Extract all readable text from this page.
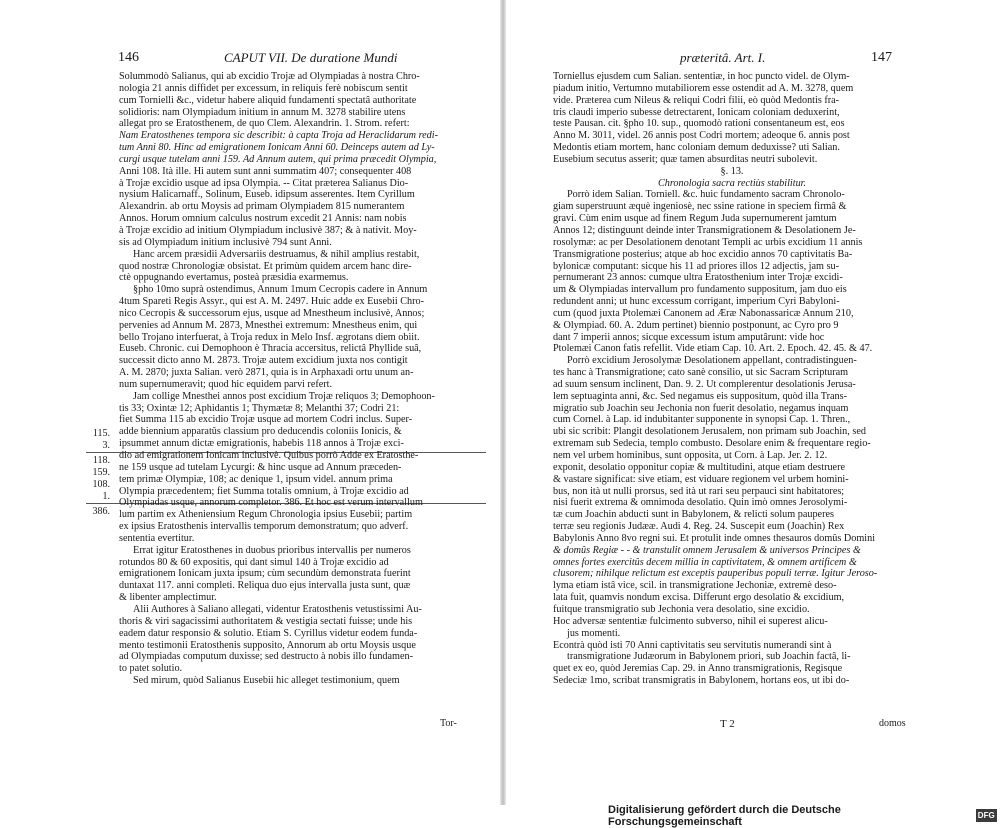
146	CAPUT VII. De duratione Mundi
115.
3.
118.
159.
108.
1.
386.
Solummodò Salianus, qui ab excidio Trojæ ad Olympiadas à nostra Chro-
nologia 21 annis diffidet per excessum, in reliquis ferè nobiscum sentit
cum Tornielli &c., videtur habere aliquid fundamenti spectatâ authoritate
solidioris: nam Olympiadum initium in annum M. 3278 stabilire utens
allegat pro se Eratosthenem, de quo Clem. Alexandrin. 1. Strom. refert:
Nam Eratosthenes tempora sic describit: à capta Troja ad Heraclidarum redi-
tum Anni 80. Hinc ad emigrationem Ionicam Anni 60. Deinceps autem ad Ly-
curgi usque tutelam anni 159. Ad Annum autem, qui prima præcedit Olympia,
Anni 108. Ità ille. Hi autem sunt anni summatim 407; consequenter 408
à Trojæ excidio usque ad ipsa Olympia. -- Citat præterea Salianus Dio-
nysium Halicarnaff., Solinum, Euseb. idipsum asserentes. Item Cyrillum
Alexandrin. ab ortu Moysis ad primam Olympiadem 815 numerantem
Annos. Horum omnium calculus nostrum excedit 21 Annis: nam nobis
à Trojæ excidio ad initium Olympiadum inclusivè 387; & à nativit. Moy-
sis ad Olympiadum initium inclusivè 794 sunt Anni.
Hanc arcem præsidii Adversariis destruamus, & nihil amplius restabit,
quod nostræ Chronologiæ obsistat. Et primùm quidem arcem hanc dire-
ctè oppugnando evertamus, posteà præsidia exarmemus.
§pho 10mo suprà ostendimus, Annum 1mum Cecropis cadere in Annum
4tum Spareti Regis Assyr., qui est A. M. 2497. Huic adde ex Eusebii Chro-
nico Cecropis & successorum ejus, usque ad Mnestheum inclusivè, Annos;
pervenies ad Annum M. 2873, Mnesthei extremum: Mnestheus enim, qui
bello Trojano interfuerat, à Troja redux in Melo Insf. ægrotans diem obiit.
Euseb. Chronic. cui Demophoon è Thracia accersitus, relictâ Phyllide suâ,
successit dicto anno M. 2873. Trojæ autem excidium juxta nos contigit
A. M. 2870; juxta Salian. verò 2871, quia is in Arphaxadi ortu unum an-
num supernumeravit; quod hic equidem parvi refert.
Jam collige Mnesthei annos post excidium Trojæ reliquos 3; Demophoon-
tis 33; Oxintæ 12; Aphidantis 1; Thymætæ 8; Melanthi 37; Codri 21:
fiet Summa 115 ab excidio Trojæ usque ad mortem Codri inclus. Super-
adde biennium apparatûs classium pro deducendis coloniis Ionicis, &
ipsummet annum dictæ emigrationis, habebis 118 annos à Trojæ exci-
dio ad emigrationem Ionicam inclusivè. Quibus porrò Adde ex Eratosthe-
ne 159 usque ad tutelam Lycurgi: & hinc usque ad Annum præceden-
tem primæ Olympiæ, 108; ac denique 1, ipsum videl. annum prima
Olympia præcedentem; fiet Summa totalis omnium, à Trojæ excidio ad
Olympiadas usque, annorum completor. 386. Et hoc est verum intervallum
lum partim ex Atheniensium Regum Chronologia ipsius Eusebii; partim
ex ipsius Eratosthenis intervallis temporum demonstratum; quo adverf.
sententia evertitur.
Errat igitur Eratosthenes in duobus prioribus intervallis per numeros
rotundos 80 & 60 expositis, qui dant simul 140 à Trojæ excidio ad
emigrationem Ionicam juxta ipsum; cùm secundùm demonstrata fuerint
duntaxat 117. anni completi. Reliqua duo ejus intervalla justa sunt, quæ
& libenter amplectimur.
Alii Authores à Saliano allegati, videntur Eratosthenis vetustissimi Au-
thoris & viri sagacissimi authoritatem & vestigia sectati fuisse; unde his
eadem datur responsio & solutio. Etiam S. Cyrillus videtur eodem funda-
mento testimonii Eratosthenis supposito, Annorum ab ortu Moysis usque
ad Olympiadas computum duxisse; sed destructo à nobis illo fundamen-
to patet solutio.
Sed mirum, quòd Salianus Eusebii hic alleget testimonium, quem
Tor-
præteritâ. Art. I.	147
Torniellus ejusdem cum Salian. sententiæ, in hoc puncto videl. de Olym-
piadum initio, Vertumno mutabiliorem esse ostendit ad A. M. 3278, quem
vide. Præterea cum Nileus & reliqui Codri filii, eò quòd Medontis fra-
tris claudi imperio subesse detrectarent, Ionicam coloniam deduxerint,
teste Pausan. cit. §pho 10. sup., quomodò rationi consentaneum est, eos
Anno M. 3011, videl. 26 annis post Codri mortem; adeoque 6. annis post
Medontis etiam mortem, hanc coloniam demum deduxisse? uti Salian.
Eusebium secutus asserit; quæ tamen absurditas neutri subolevit.
§. 13.
Chronologia sacra rectiùs stabilitur.
Porrò idem Salian. Torniell. &c. huic fundamento sacram Chronolo-
giam superstruunt æquè ingeniosè, nec ssine ratione in speciem firmâ &
gravi. Cùm enim usque ad finem Regum Juda supernumerent jamtum
Annos 12; distinguunt deinde inter Transmigrationem & Desolationem Je-
rosolymæ: ac per Desolationem denotant Templi ac urbis excidium 11 annis
Transmigratione posterius; atque ab hoc excidio annos 70 captivitatis Ba-
bylonicæ computant: sicque his 11 ad priores illos 12 adjectis, jam su-
pernumerant 23 annos: cumque ultra Eratosthenium inter Trojæ excidi-
um & Olympiadas intervallum pro fundamento suppositum, jam duo eis
redundent anni; ut hunc excessum corrigant, imperium Cyri Babyloni-
cum (quod juxta Ptolemæi Canonem ad Æræ Nabonassaricæ Annum 210,
& Olympiad. 60. A. 2dum pertinet) biennio postponunt, ac Cyro pro 9
dant 7 imperii annos; sicque excessum istum amputârunt: vide hoc
Ptolemæi Canon fatis refellit. Vide etiam Cap. 10. Art. 2. Epoch. 42. 45. & 47.
Porrò excidium Jerosolymæ Desolationem appellant, contradistinguen-
tes hanc à Transmigratione; cato sanè consilio, ut sic Sacram Scripturam
ad suum sensum inclinent, Dan. 9. 2. Ut complerentur desolationis Jerusa-
lem septuaginta anni, &c. Sed negamus eis suppositum, quòd illa Trans-
migratio sub Joachin seu Jechonia non fuerit desolatio, negamus inquam
cum Cornel. à Lap. id indubitanter supponente in synopsi Cap. 1. Thren.,
ubi sic scribit: Plangit desolationem Jerusalem, non primam sub Joachin, sed
extremam sub Sedecia, templo combusto. Desolare enim & frequentare regio-
nem vel urbem hominibus, sunt opposita, ut Corn. à Lap. Jer. 2. 12.
exponit, desolatio opponitur copiæ & multitudini, atque etiam destruere
& vastare significat: sive etiam, est viduare regionem vel urbem homini-
bus, non ità ut nulli prorsus, sed ità ut rari seu perpauci sint habitatores;
nisi fuerit extrema & omnimoda desolatio. Quin imò omnes Jerosolymi-
tæ cum Joachin abducti sunt in Babylonem, & relicti solum pauperes
terræ seu regionis Judææ. Audi 4. Reg. 24. Suscepit eum (Joachin) Rex
Babylonis Anno 8vo regni sui. Et protulit inde omnes thesauros domûs Domini
& domûs Regiæ - - & transtulit omnem Jerusalem & universos Principes &
omnes fortes exercitûs decem millia in captivitatem, & omnem artificem &
clusorem; nihilque relictum est exceptis pauperibus populi terræ. Igitur Jeroso-
lyma etiam istâ vice, scil. in transmigratione Jechoniæ, extremè deso-
lata fuit, quamvis nondum excisa. Differunt ergo desolatio & excidium,
fuitque transmigratio sub Jechonia vera desolatio, sine excidio.
Hoc adversæ sententiæ fulcimento subverso, nihil ei superest alicu-
jus momenti.
Econtrà quòd isti 70 Anni captivitatis seu servitutis numerandi sint à
transmigratione Judæorum in Babylonem priori, sub Joachin factâ, li-
quet ex eo, quòd Jeremias Cap. 29. in Anno transmigrationis, Regisque
Sedeciæ 1mo, scribat transmigratis in Babylonem, hortans eos, ut ibi do-
T 2	domos
Digitalisierung gefördert durch die Deutsche Forschungsgemeinschaft	DFG
